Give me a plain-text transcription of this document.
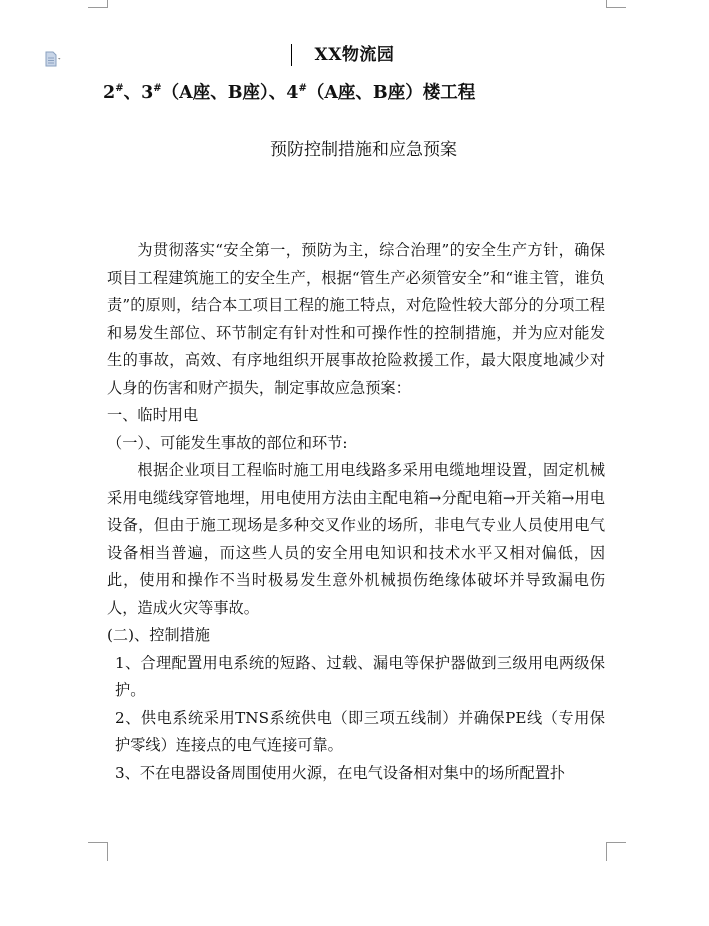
XX物流园
2#、3#（A座、B座）、4#（A座、B座）楼工程
预防控制措施和应急预案

为贯彻落实“安全第一，预防为主，综合治理”的安全生产方针，确保项目工程建筑施工的安全生产，根据“管生产必须管安全”和“谁主管，谁负责”的原则，结合本工项目工程的施工特点，对危险性较大部分的分项工程和易发生部位、环节制定有针对性和可操作性的控制措施，并为应对能发生的事故，高效、有序地组织开展事故抢险救援工作，最大限度地减少对人身的伤害和财产损失，制定事故应急预案：

一、临时用电

（一）、可能发生事故的部位和环节:

根据企业项目工程临时施工用电线路多采用电缆地埋设置，固定机械采用电缆线穿管地埋，用电使用方法由主配电箱→分配电箱→开关箱→用电设备，但由于施工现场是多种交叉作业的场所，非电气专业人员使用电气设备相当普遍，而这些人员的安全用电知识和技术水平又相对偏低，因此，使用和操作不当时极易发生意外机械损伤绝缘体破坏并导致漏电伤人，造成火灾等事故。

(二)、控制措施

1、合理配置用电系统的短路、过载、漏电等保护器做到三级用电两级保护。

2、供电系统采用TNS系统供电（即三项五线制）并确保PE线（专用保护零线）连接点的电气连接可靠。

3、不在电器设备周围使用火源，在电气设备相对集中的场所配置扑
